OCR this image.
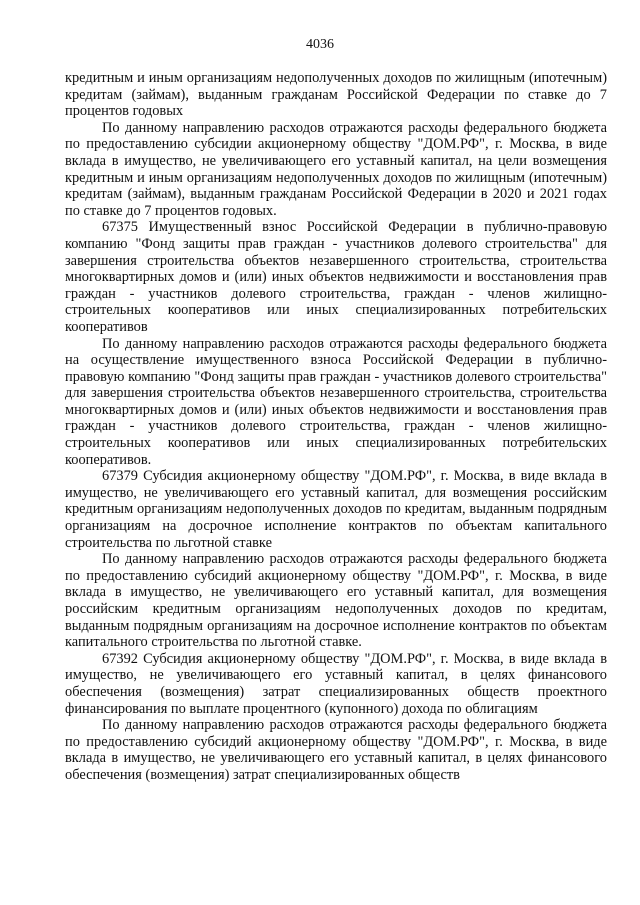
4036

кредитным и иным организациям недополученных доходов по жилищным (ипотечным) кредитам (займам), выданным гражданам Российской Федерации по ставке до 7 процентов годовых

По данному направлению расходов отражаются расходы федерального бюджета по предоставлению субсидии акционерному обществу "ДОМ.РФ", г. Москва, в виде вклада в имущество, не увеличивающего его уставный капитал, на цели возмещения кредитным и иным организациям недополученных доходов по жилищным (ипотечным) кредитам (займам), выданным гражданам Российской Федерации в 2020 и 2021 годах по ставке до 7 процентов годовых.

67375 Имущественный взнос Российской Федерации в публично-правовую компанию "Фонд защиты прав граждан - участников долевого строительства" для завершения строительства объектов незавершенного строительства, строительства многоквартирных домов и (или) иных объектов недвижимости и восстановления прав граждан - участников долевого строительства, граждан - членов жилищно-строительных кооперативов или иных специализированных потребительских кооперативов

По данному направлению расходов отражаются расходы федерального бюджета на осуществление имущественного взноса Российской Федерации в публично-правовую компанию "Фонд защиты прав граждан - участников долевого строительства" для завершения строительства объектов незавершенного строительства, строительства многоквартирных домов и (или) иных объектов недвижимости и восстановления прав граждан - участников долевого строительства, граждан - членов жилищно-строительных кооперативов или иных специализированных потребительских кооперативов.

67379 Субсидия акционерному обществу "ДОМ.РФ", г. Москва, в виде вклада в имущество, не увеличивающего его уставный капитал, для возмещения российским кредитным организациям недополученных доходов по кредитам, выданным подрядным организациям на досрочное исполнение контрактов по объектам капитального строительства по льготной ставке

По данному направлению расходов отражаются расходы федерального бюджета по предоставлению субсидий акционерному обществу "ДОМ.РФ", г. Москва, в виде вклада в имущество, не увеличивающего его уставный капитал, для возмещения российским кредитным организациям недополученных доходов по кредитам, выданным подрядным организациям на досрочное исполнение контрактов по объектам капитального строительства по льготной ставке.

67392 Субсидия акционерному обществу "ДОМ.РФ", г. Москва, в виде вклада в имущество, не увеличивающего его уставный капитал, в целях финансового обеспечения (возмещения) затрат специализированных обществ проектного финансирования по выплате процентного (купонного) дохода по облигациям

По данному направлению расходов отражаются расходы федерального бюджета по предоставлению субсидий акционерному обществу "ДОМ.РФ", г. Москва, в виде вклада в имущество, не увеличивающего его уставный капитал, в целях финансового обеспечения (возмещения) затрат специализированных обществ
